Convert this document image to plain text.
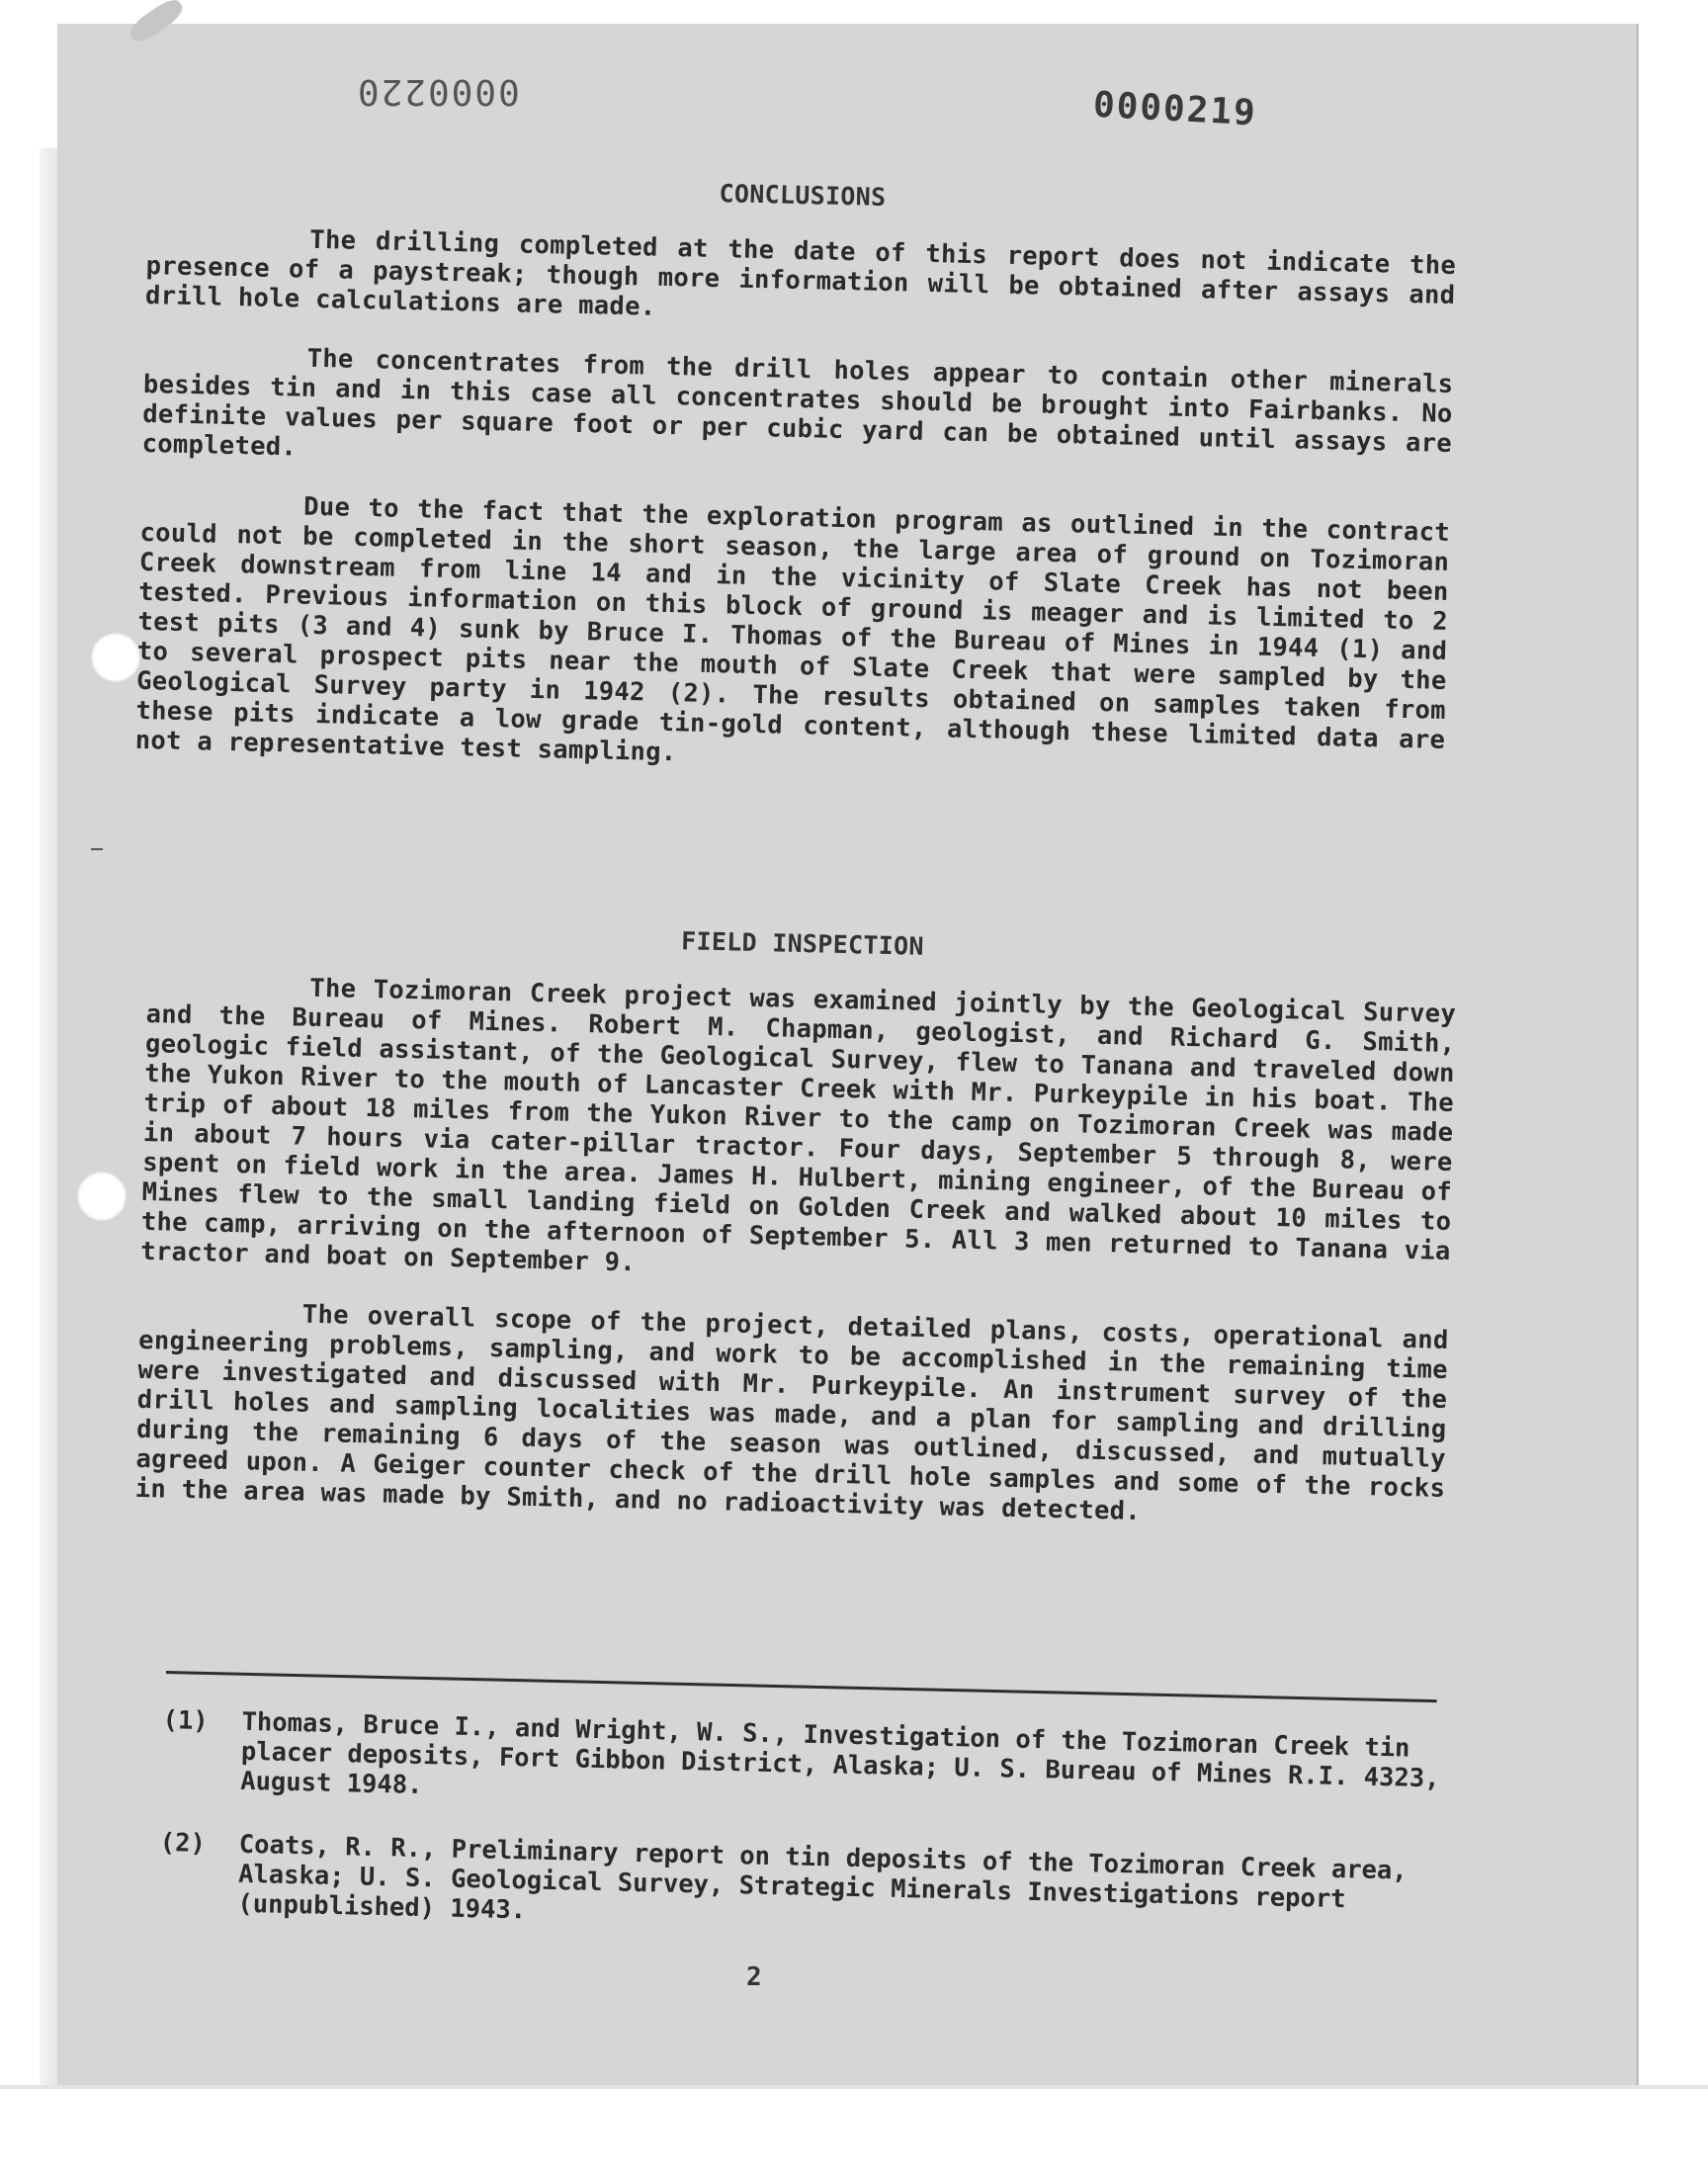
0000220	0000219
CONCLUSIONS

The drilling completed at the date of this report does not indicate the presence of a paystreak; though more information will be obtained after assays and drill hole calculations are made.

The concentrates from the drill holes appear to contain other minerals besides tin and in this case all concentrates should be brought into Fairbanks. No definite values per square foot or per cubic yard can be obtained until assays are completed.

Due to the fact that the exploration program as outlined in the contract could not be completed in the short season, the large area of ground on Tozimoran Creek downstream from line 14 and in the vicinity of Slate Creek has not been tested. Previous information on this block of ground is meager and is limited to 2 test pits (3 and 4) sunk by Bruce I. Thomas of the Bureau of Mines in 1944 (1) and to several prospect pits near the mouth of Slate Creek that were sampled by the Geological Survey party in 1942 (2). The results obtained on samples taken from these pits indicate a low grade tin-gold content, although these limited data are not a representative test sampling.

FIELD INSPECTION

The Tozimoran Creek project was examined jointly by the Geological Survey and the Bureau of Mines. Robert M. Chapman, geologist, and Richard G. Smith, geologic field assistant, of the Geological Survey, flew to Tanana and traveled down the Yukon River to the mouth of Lancaster Creek with Mr. Purkeypile in his boat. The trip of about 18 miles from the Yukon River to the camp on Tozimoran Creek was made in about 7 hours via cater-pillar tractor. Four days, September 5 through 8, were spent on field work in the area. James H. Hulbert, mining engineer, of the Bureau of Mines flew to the small landing field on Golden Creek and walked about 10 miles to the camp, arriving on the afternoon of September 5. All 3 men returned to Tanana via tractor and boat on September 9.

The overall scope of the project, detailed plans, costs, operational and engineering problems, sampling, and work to be accomplished in the remaining time were investigated and discussed with Mr. Purkeypile. An instrument survey of the drill holes and sampling localities was made, and a plan for sampling and drilling during the remaining 6 days of the season was outlined, discussed, and mutually agreed upon. A Geiger counter check of the drill hole samples and some of the rocks in the area was made by Smith, and no radioactivity was detected.

(1)	Thomas, Bruce I., and Wright, W. S., Investigation of the Tozimoran Creek tin placer deposits, Fort Gibbon District, Alaska; U. S. Bureau of Mines R.I. 4323, August 1948.
(2)	Coats, R. R., Preliminary report on tin deposits of the Tozimoran Creek area, Alaska; U. S. Geological Survey, Strategic Minerals Investigations report (unpublished) 1943.
2
